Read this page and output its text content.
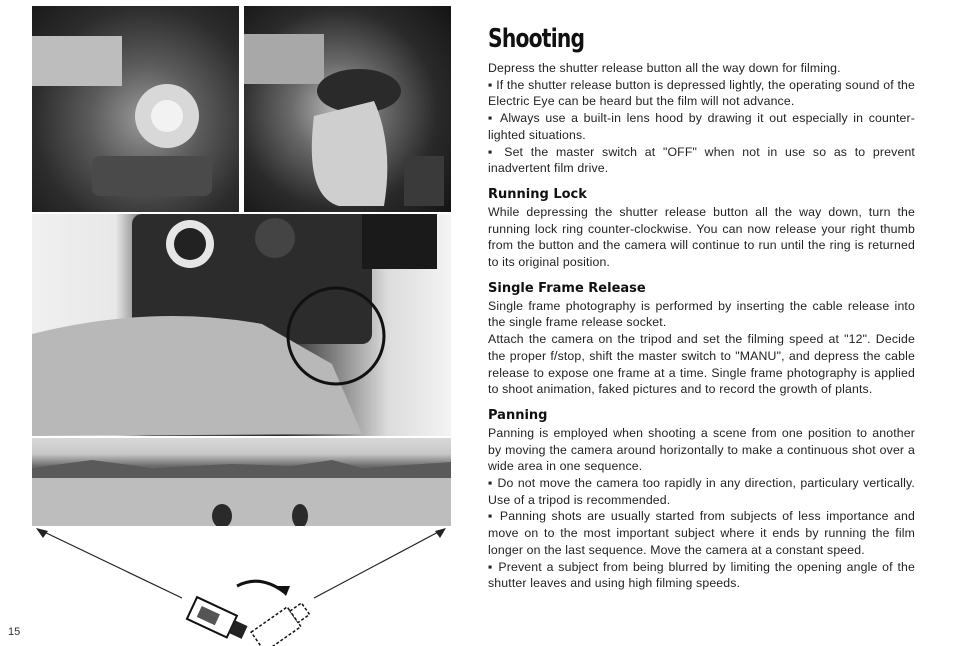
15
Shooting

Depress the shutter release button all the way down for filming.

▪ If the shutter release button is depressed lightly, the operating sound of the Electric Eye can be heard but the film will not advance.

▪ Always use a built-in lens hood by drawing it out especially in counter-lighted situations.

▪ Set the master switch at "OFF" when not in use so as to prevent inadvertent film drive.

Running Lock

While depressing the shutter release button all the way down, turn the running lock ring counter-clockwise. You can now release your right thumb from the button and the camera will continue to run until the ring is returned to its original position.

Single Frame Release

Single frame photography is performed by inserting the cable release into the single frame release socket.

Attach the camera on the tripod and set the filming speed at "12". Decide the proper f/stop, shift the master switch to "MANU", and depress the cable release to expose one frame at a time. Single frame photography is applied to shoot animation, faked pictures and to record the growth of plants.

Panning

Panning is employed when shooting a scene from one position to another by moving the camera around horizontally to make a continuous shot over a wide area in one sequence.

▪ Do not move the camera too rapidly in any direction, particulary vertically. Use of a tripod is recommended.

▪ Panning shots are usually started from subjects of less importance and move on to the most important subject where it ends by running the film longer on the last sequence. Move the camera at a constant speed.

▪ Prevent a subject from being blurred by limiting the opening angle of the shutter leaves and using high filming speeds.
